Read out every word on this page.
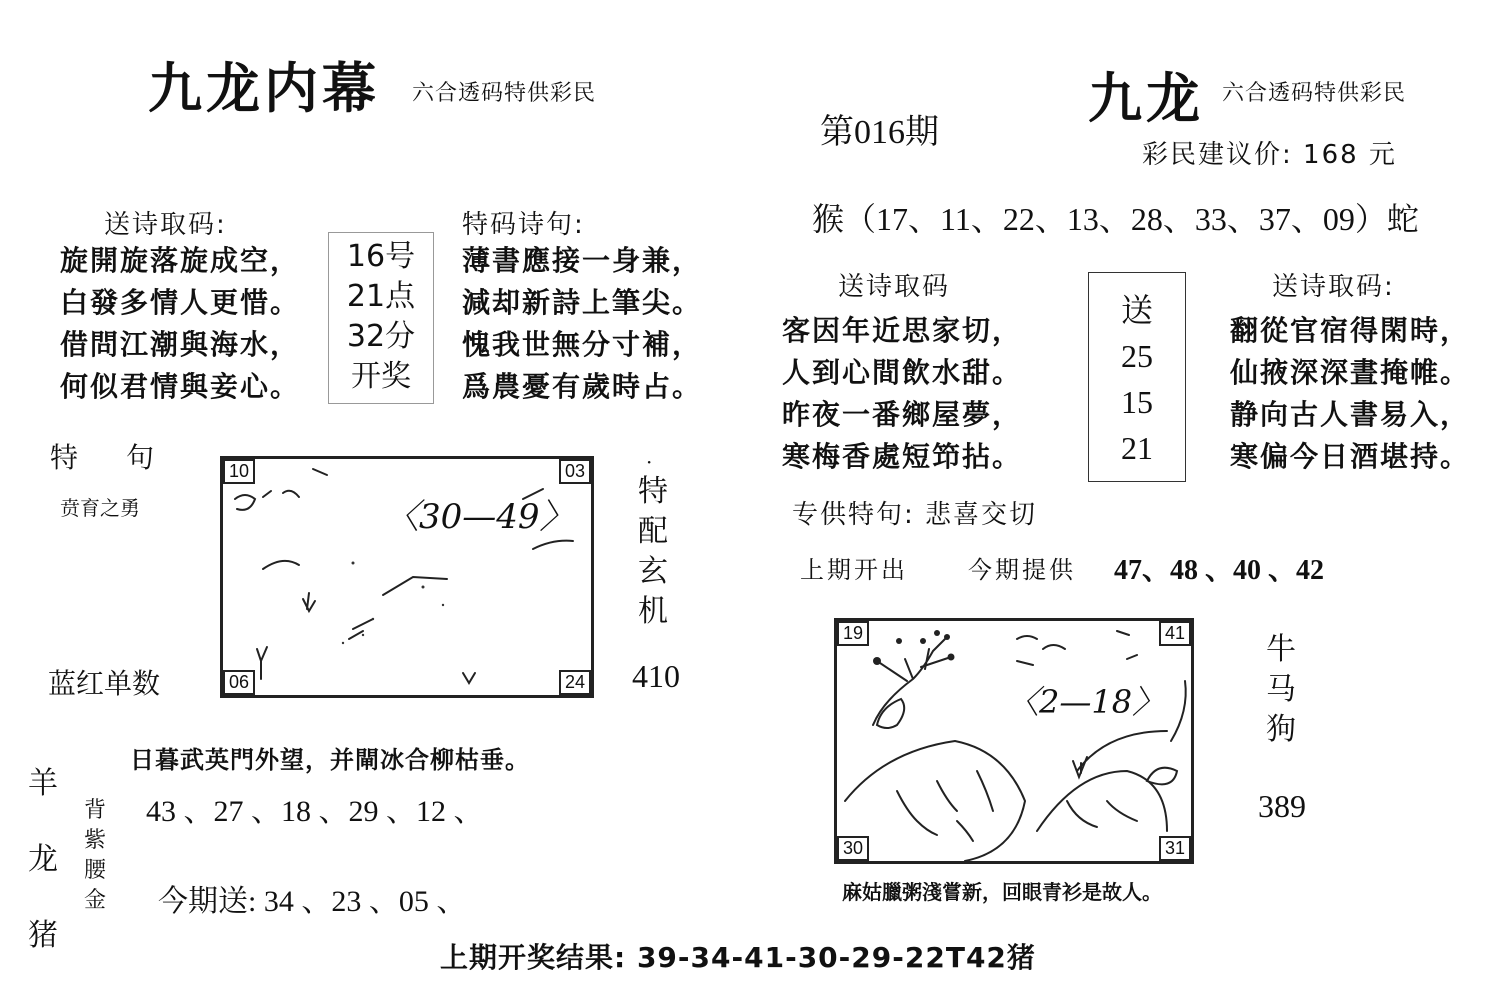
九龙内幕 六合透码特供彩民
送诗取码:
旋開旋落旋成空，
白發多情人更惜。
借問江潮與海水，
何似君情與妾心。
16号
21点
32分
开奖
特码诗句:
薄書應接一身兼，
減却新詩上筆尖。
愧我世無分寸補，
爲農憂有歲時占。
特　句
贲育之勇	〈30—49〉
10	03
06	24
·
特
配
玄
机
蓝红单数	410
日暮武英門外望，并閘冰合柳枯垂。
羊
龙
猪
背
紫
腰
金
43 、27 、18 、29 、12 、
今期送: 34 、23 、05 、
第016期
九龙 六合透码特供彩民
彩民建议价: 168 元
猴（17、11、22、13、28、33、37、09）蛇
送诗取码
客因年近思家切，
人到心間飲水甜。
昨夜一番鄉屋夢，
寒梅香處短笻拈。
送
25
15
21
送诗取码:
翻從官宿得閑時，
仙掖深深晝掩帷。
静向古人書易入，
寒偏今日酒堪持。
专供特句: 悲喜交切
上期开出	今期提供 47、48 、40 、42
〈2—18〉
19	41
30	31
牛
马
狗
389
麻姑臘粥淺嘗新，回眼青衫是故人。
上期开奖结果: 39-34-41-30-29-22T42猪
